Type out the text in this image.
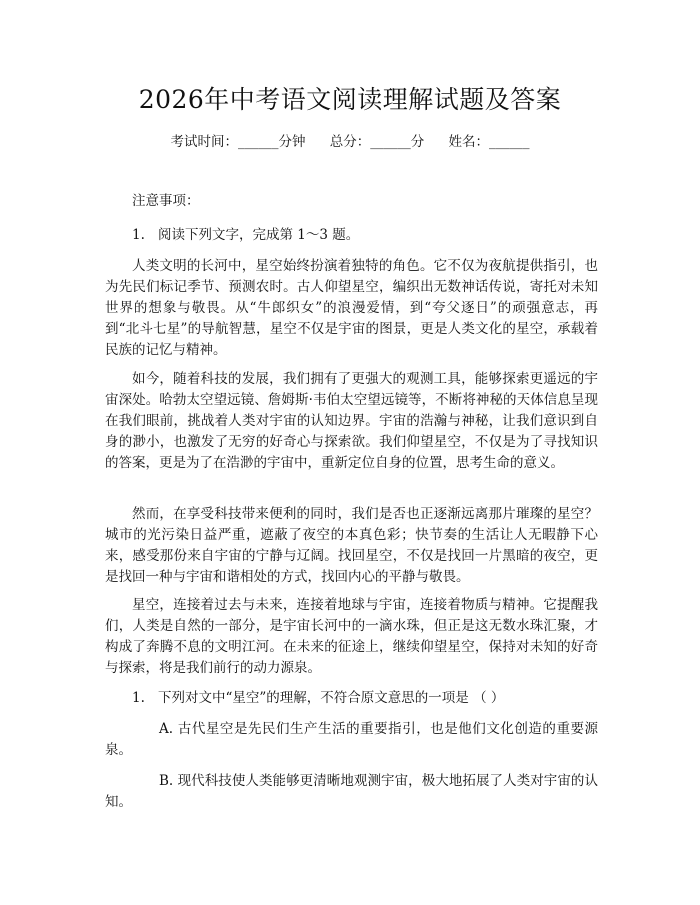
2026年中考语文阅读理解试题及答案
考试时间：______分钟 总分：______分 姓名：______
注意事项：
1. 阅读下列文字，完成第 1～3 题。

人类文明的长河中，星空始终扮演着独特的角色。它不仅为夜航提供指引，也为先民们标记季节、预测农时。古人仰望星空，编织出无数神话传说，寄托对未知世界的想象与敬畏。从“牛郎织女”的浪漫爱情，到“夸父逐日”的顽强意志，再到“北斗七星”的导航智慧，星空不仅是宇宙的图景，更是人类文化的星空，承载着民族的记忆与精神。

如今，随着科技的发展，我们拥有了更强大的观测工具，能够探索更遥远的宇宙深处。哈勃太空望远镜、詹姆斯·韦伯太空望远镜等，不断将神秘的天体信息呈现在我们眼前，挑战着人类对宇宙的认知边界。宇宙的浩瀚与神秘，让我们意识到自身的渺小，也激发了无穷的好奇心与探索欲。我们仰望星空，不仅是为了寻找知识的答案，更是为了在浩渺的宇宙中，重新定位自身的位置，思考生命的意义。

然而，在享受科技带来便利的同时，我们是否也正逐渐远离那片璀璨的星空？城市的光污染日益严重，遮蔽了夜空的本真色彩；快节奏的生活让人无暇静下心来，感受那份来自宇宙的宁静与辽阔。找回星空，不仅是找回一片黑暗的夜空，更是找回一种与宇宙和谐相处的方式，找回内心的平静与敬畏。

星空，连接着过去与未来，连接着地球与宇宙，连接着物质与精神。它提醒我们，人类是自然的一部分，是宇宙长河中的一滴水珠，但正是这无数水珠汇聚，才构成了奔腾不息的文明江河。在未来的征途上，继续仰望星空，保持对未知的好奇与探索，将是我们前行的动力源泉。

1. 下列对文中“星空”的理解，不符合原文意思的一项是 （ ）

A. 古代星空是先民们生产生活的重要指引，也是他们文化创造的重要源泉。

B. 现代科技使人类能够更清晰地观测宇宙，极大地拓展了人类对宇宙的认知。
